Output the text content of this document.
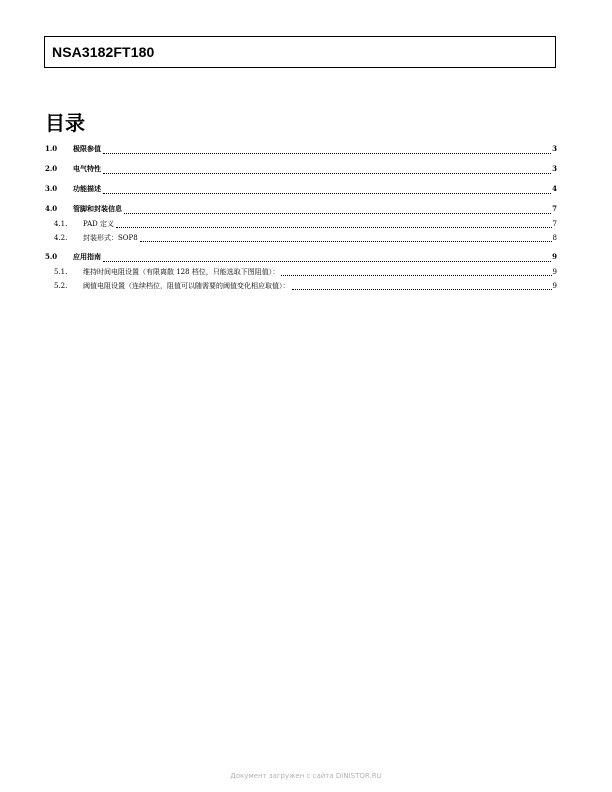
NSA3182FT180
目录
1.0	极限参值	3
2.0	电气特性	3
3.0	功能描述	4
4.0	管脚和封装信息	7
4.1.	PAD 定义	7
4.2.	封装形式：SOP8	8
5.0	应用指南	9
5.1.	维持时间电阻设置（有限离散 128 档位，只能选取下图阻值）：	9
5.2.	阈值电阻设置（连续档位，阻值可以随需要的阈值变化相应取值）：	9
Документ загружен с сайта DINISTOR.RU
